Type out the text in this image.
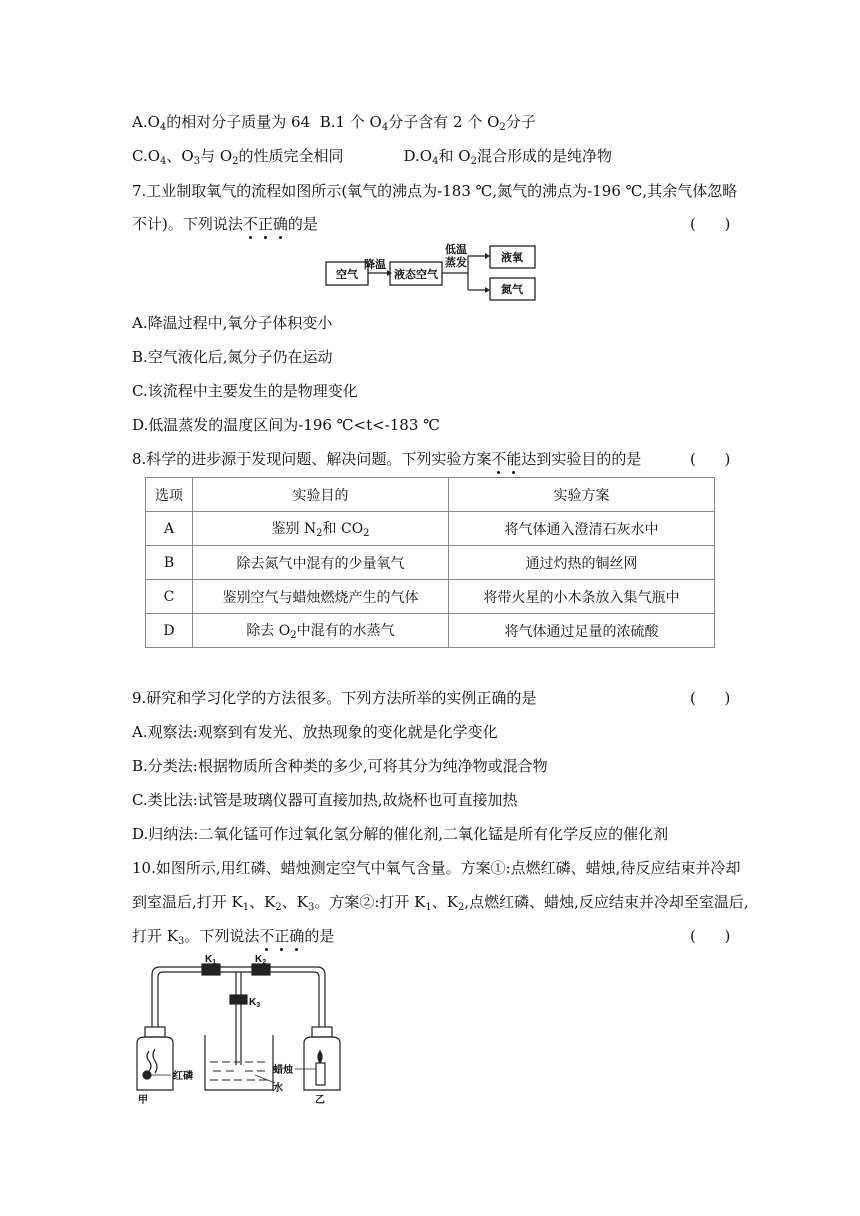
$A.O_4$的相对分子质量为 64 B.1 个 $O_4$分子含有 2 个 $O_2$分子
$C.O_4$、$O_3$与 $O_2$的性质完全相同	$D.O_4$和 $O_2$混合形成的是纯净物
7.工业制取氧气的流程如图所示(氧气的沸点为-183 ℃,氮气的沸点为-196 ℃,其余气体忽略
不计)。下列说法不正确的是	(      )
空气
降温
液态空气
低温
蒸发	液氧
氮气
A.降温过程中,氧分子体积变小
B.空气液化后,氮分子仍在运动
C.该流程中主要发生的是物理变化
D.低温蒸发的温度区间为-196 ℃<t<-183 ℃
8.科学的进步源于发现问题、解决问题。下列实验方案不能达到实验目的的是	(      )
选项	实验目的	实验方案
A	鉴别 $N_2$和 $CO_2$	将气体通入澄清石灰水中
B	除去氮气中混有的少量氧气	通过灼热的铜丝网
C	鉴别空气与蜡烛燃烧产生的气体	将带火星的小木条放入集气瓶中
D	除去 $O_2$中混有的水蒸气	将气体通过足量的浓硫酸
9.研究和学习化学的方法很多。下列方法所举的实例正确的是	(      )
A.观察法:观察到有发光、放热现象的变化就是化学变化
B.分类法:根据物质所含种类的多少,可将其分为纯净物或混合物
C.类比法:试管是玻璃仪器可直接加热,故烧杯也可直接加热
D.归纳法:二氧化锰可作过氧化氢分解的催化剂,二氧化锰是所有化学反应的催化剂
10.如图所示,用红磷、蜡烛测定空气中氧气含量。方案①:点燃红磷、蜡烛,待反应结束并冷却
到室温后,打开 $K_1$、$K_2$、$K_3$。方案②:打开 $K_1$、$K_2$,点燃红磷、蜡烛,反应结束并冷却至室温后,
打开 $K_3$。下列说法不正确的是	(      )
$K_1$	$K_2$
$K_3$
红磷
蜡烛
水
甲	乙
